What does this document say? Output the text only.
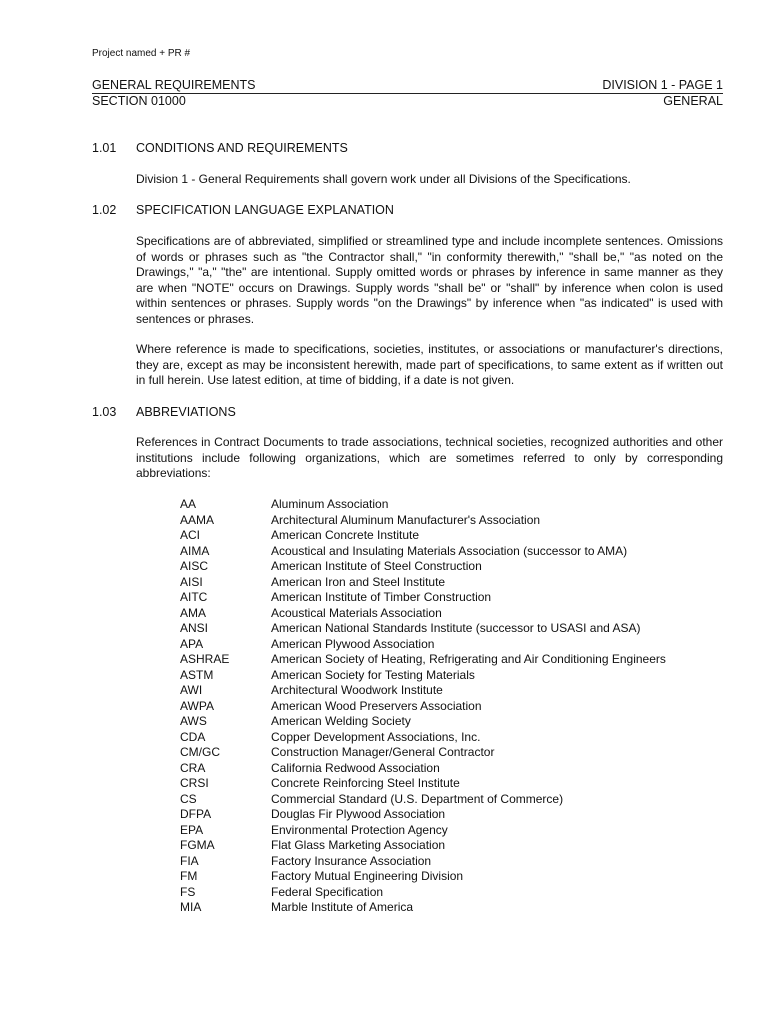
Project named + PR #
GENERAL REQUIREMENTS	DIVISION 1 - PAGE 1
SECTION 01000	GENERAL
1.01 CONDITIONS AND REQUIREMENTS

Division 1 - General Requirements shall govern work under all Divisions of the Specifications.

1.02 SPECIFICATION LANGUAGE EXPLANATION

Specifications are of abbreviated, simplified or streamlined type and include incomplete sentences. Omissions of words or phrases such as "the Contractor shall," "in conformity therewith," "shall be," "as noted on the Drawings," "a," "the" are intentional. Supply omitted words or phrases by inference in same manner as they are when "NOTE" occurs on Drawings. Supply words "shall be" or "shall" by inference when colon is used within sentences or phrases. Supply words "on the Drawings" by inference when "as indicated" is used with sentences or phrases.

Where reference is made to specifications, societies, institutes, or associations or manufacturer's directions, they are, except as may be inconsistent herewith, made part of specifications, to same extent as if written out in full herein. Use latest edition, at time of bidding, if a date is not given.

1.03 ABBREVIATIONS

References in Contract Documents to trade associations, technical societies, recognized authorities and other institutions include following organizations, which are sometimes referred to only by corresponding abbreviations:

AA	Aluminum Association
AAMA	Architectural Aluminum Manufacturer's Association
ACI	American Concrete Institute
AIMA	Acoustical and Insulating Materials Association (successor to AMA)
AISC	American Institute of Steel Construction
AISI	American Iron and Steel Institute
AITC	American Institute of Timber Construction
AMA	Acoustical Materials Association
ANSI	American National Standards Institute (successor to USASI and ASA)
APA	American Plywood Association
ASHRAE	American Society of Heating, Refrigerating and Air Conditioning Engineers
ASTM	American Society for Testing Materials
AWI	Architectural Woodwork Institute
AWPA	American Wood Preservers Association
AWS	American Welding Society
CDA	Copper Development Associations, Inc.
CM/GC	Construction Manager/General Contractor
CRA	California Redwood Association
CRSI	Concrete Reinforcing Steel Institute
CS	Commercial Standard (U.S. Department of Commerce)
DFPA	Douglas Fir Plywood Association
EPA	Environmental Protection Agency
FGMA	Flat Glass Marketing Association
FIA	Factory Insurance Association
FM	Factory Mutual Engineering Division
FS	Federal Specification
MIA	Marble Institute of America
